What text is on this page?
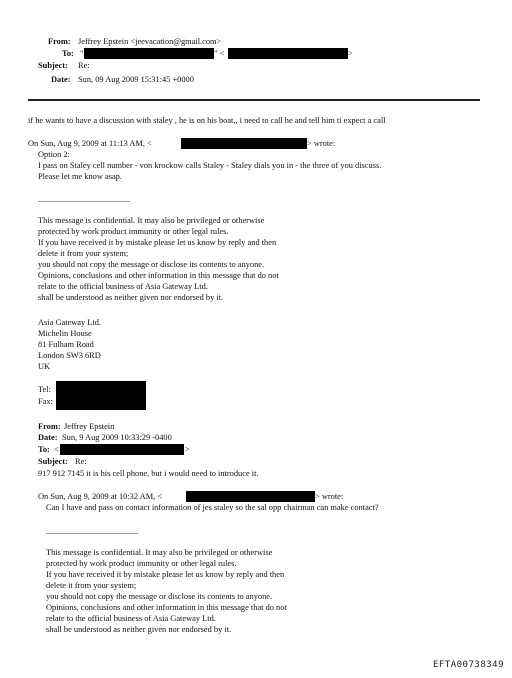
From: Jeffrey Epstein <jeevacation@gmail.com>
To: "	" <	>
Subject: Re:
Date: Sun, 09 Aug 2009 15:31:45 +0000
if he wants to have a discussion with staley , he is on his boat,, i need to call he and tell him ti expect a call
On Sun, Aug 9, 2009 at 11:13 AM, <	> wrote:
Option 2:
I pass on Staley cell number - von krockow calls Staley - Staley dials you in - the three of you discuss.
Please let me know asap.
______________________
This message is confidential. It may also be privileged or otherwise
protected by work product immunity or other legal rules.
If you have received it by mistake please let us know by reply and then
delete it from your system;
you should not copy the message or disclose its contents to anyone.
Opinions, conclusions and other information in this message that do not
relate to the official business of Asia Gateway Ltd.
shall be understood as neither given nor endorsed by it.
Asia Gateway Ltd.
Michelin House
81 Fulham Road
London SW3 6RD
UK
Tel:
Fax:
From: Jeffrey Epstein
Date: Sun, 9 Aug 2009 10:33:29 -0400
To: <	>
Subject: Re:
917 912 7145 it is his cell phone, but i would need to introduce it.
On Sun, Aug 9, 2009 at 10:32 AM, <	> wrote:
Can I have and pass on contact information of jes staley so the sal opp chairman can make contact?
______________________
This message is confidential. It may also be privileged or otherwise
protected by work product immunity or other legal rules.
If you have received it by mistake please let us know by reply and then
delete it from your system;
you should not copy the message or disclose its contents to anyone.
Opinions, conclusions and other information in this message that do not
relate to the official business of Asia Gateway Ltd.
shall be understood as neither given nor endorsed by it.
EFTA00738349
